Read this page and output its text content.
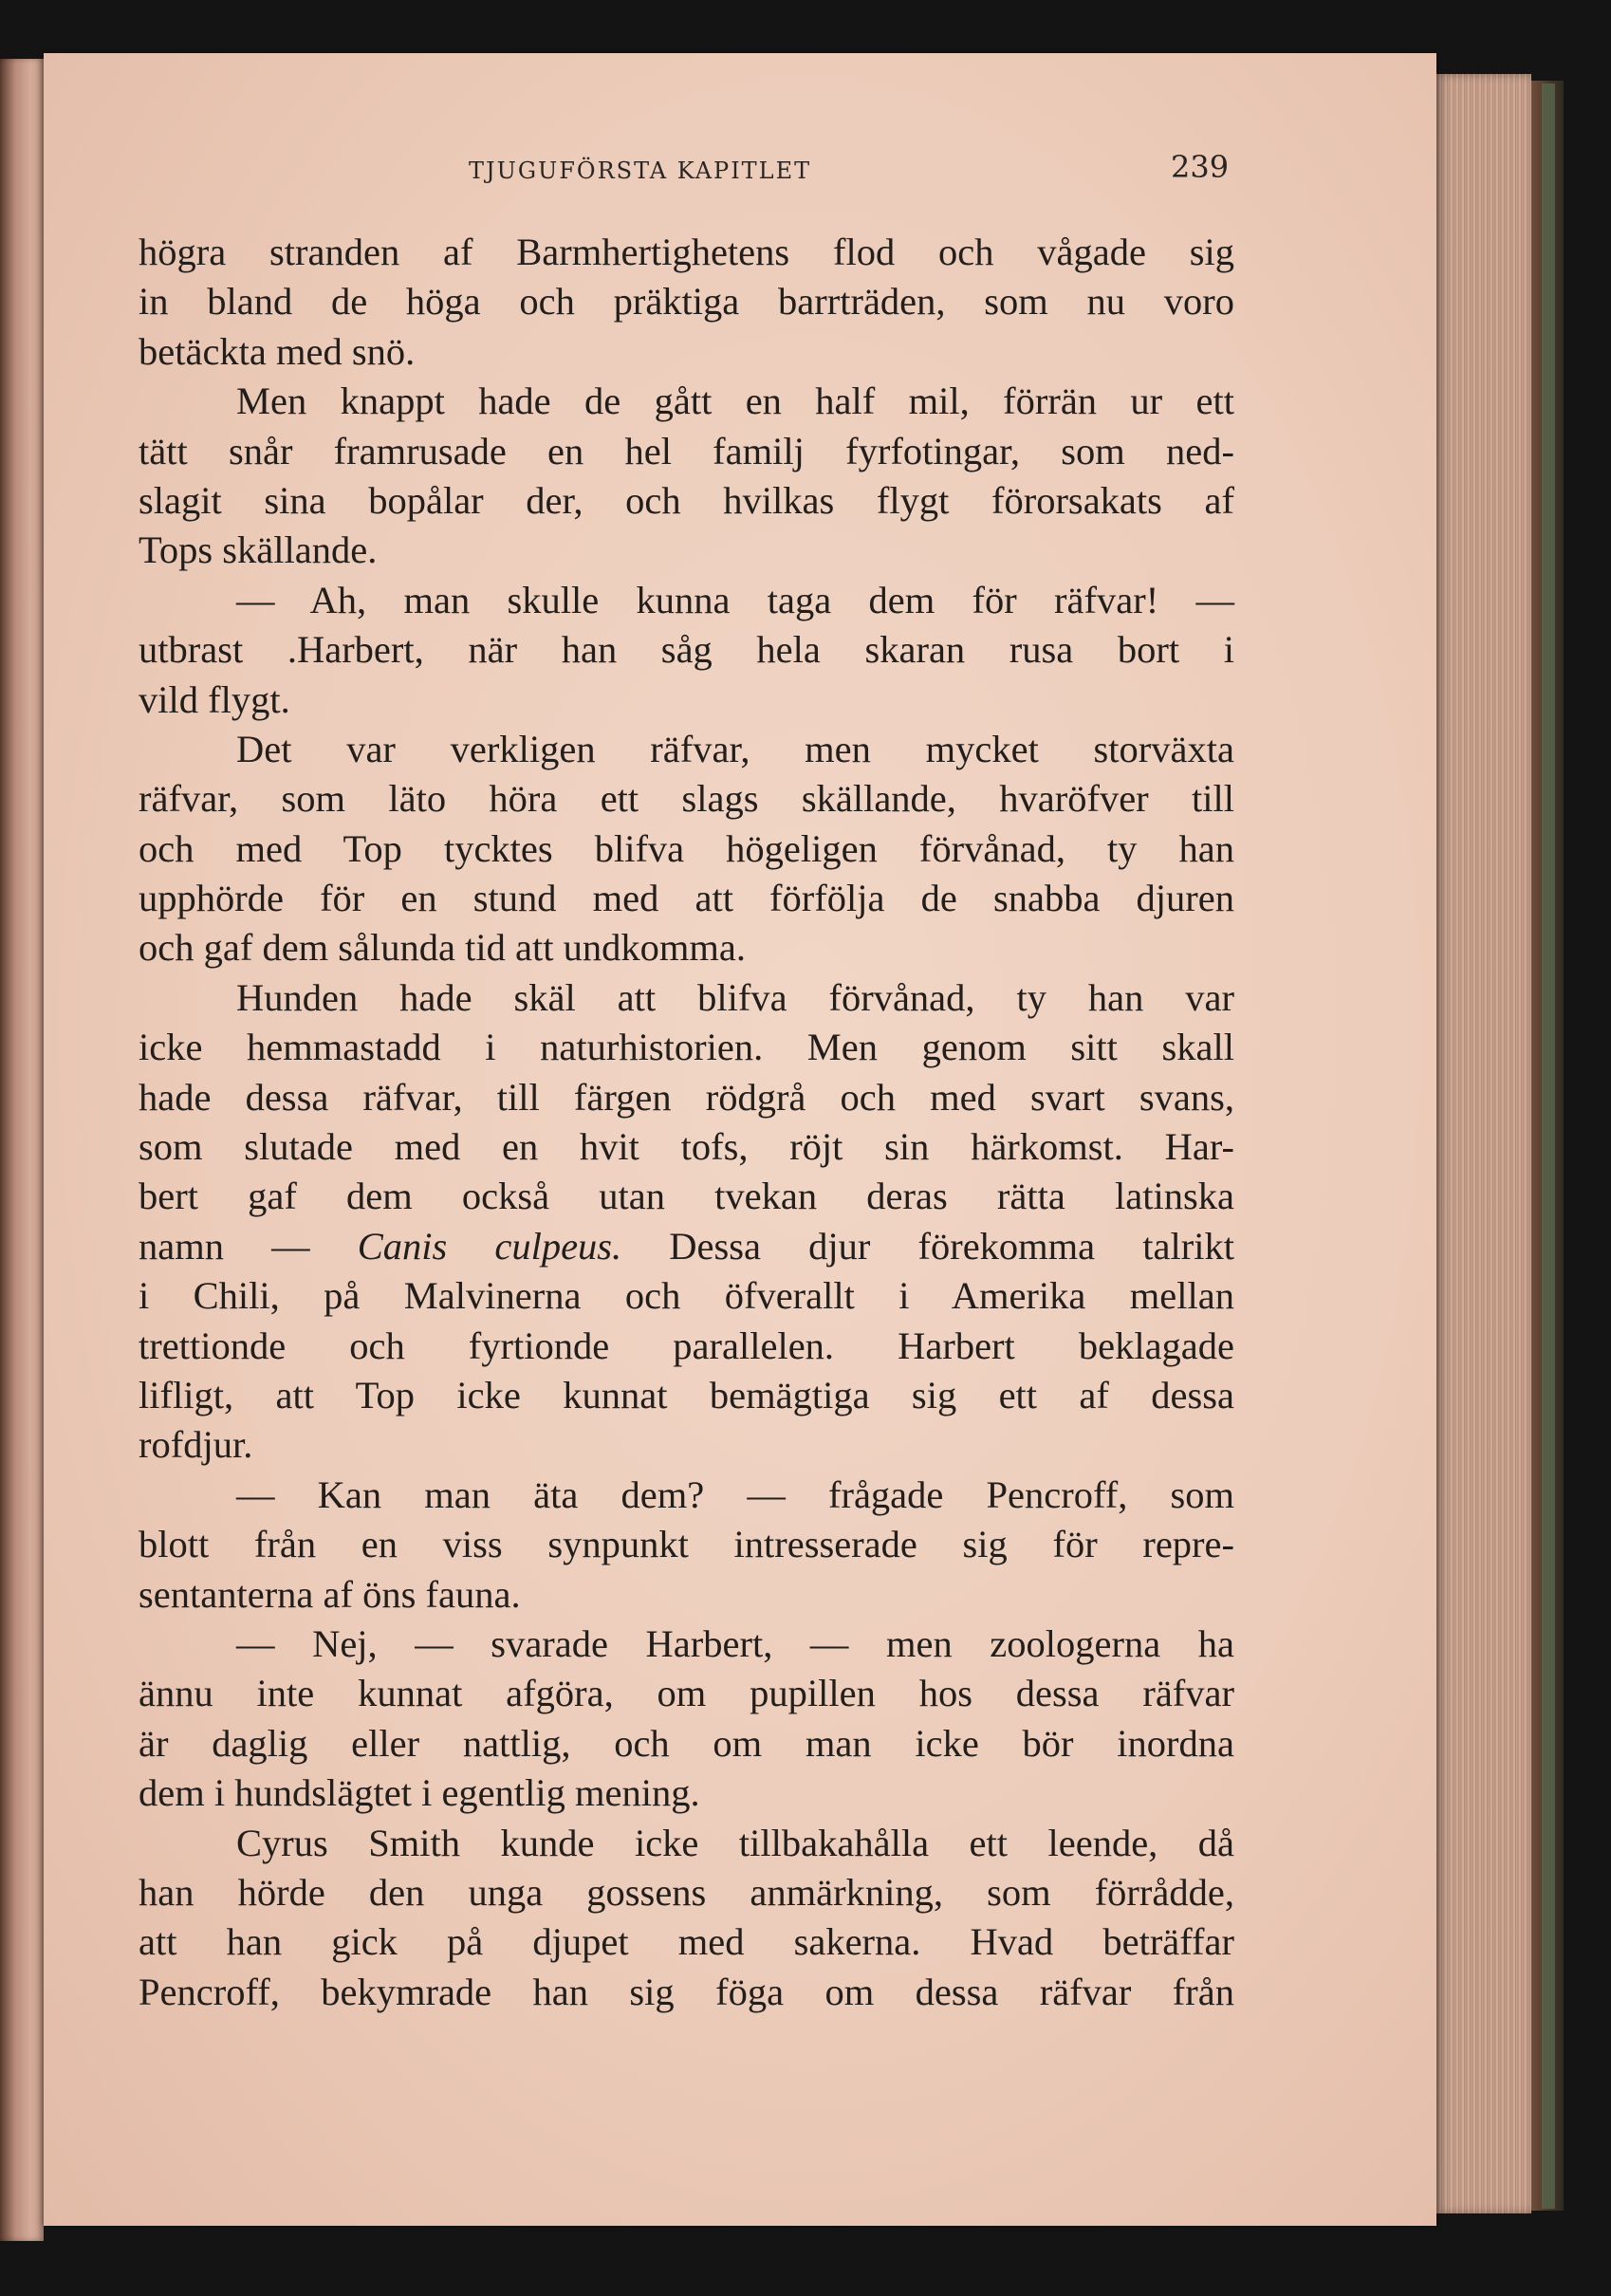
TJUGUFÖRSTA KAPITLET	239
högra stranden af Barmhertighetens flod och vågade sig
in bland de höga och präktiga barrträden, som nu voro
betäckta med snö.
Men knappt hade de gått en half mil, förrän ur ett
tätt snår framrusade en hel familj fyrfotingar, som ned-
slagit sina bopålar der, och hvilkas flygt förorsakats af
Tops skällande.
— Ah, man skulle kunna taga dem för räfvar! —
utbrast .Harbert, när han såg hela skaran rusa bort i
vild flygt.
Det var verkligen räfvar, men mycket storväxta
räfvar, som läto höra ett slags skällande, hvaröfver till
och med Top tycktes blifva högeligen förvånad, ty han
upphörde för en stund med att förfölja de snabba djuren
och gaf dem sålunda tid att undkomma.
Hunden hade skäl att blifva förvånad, ty han var
icke hemmastadd i naturhistorien. Men genom sitt skall
hade dessa räfvar, till färgen rödgrå och med svart svans,
som slutade med en hvit tofs, röjt sin härkomst. Har-
bert gaf dem också utan tvekan deras rätta latinska
namn — Canis culpeus. Dessa djur förekomma talrikt
i Chili, på Malvinerna och öfverallt i Amerika mellan
trettionde och fyrtionde parallelen. Harbert beklagade
lifligt, att Top icke kunnat bemägtiga sig ett af dessa
rofdjur.
— Kan man äta dem? — frågade Pencroff, som
blott från en viss synpunkt intresserade sig för repre-
sentanterna af öns fauna.
— Nej, — svarade Harbert, — men zoologerna ha
ännu inte kunnat afgöra, om pupillen hos dessa räfvar
är daglig eller nattlig, och om man icke bör inordna
dem i hundslägtet i egentlig mening.
Cyrus Smith kunde icke tillbakahålla ett leende, då
han hörde den unga gossens anmärkning, som förrådde,
att han gick på djupet med sakerna. Hvad beträffar
Pencroff, bekymrade han sig föga om dessa räfvar från
